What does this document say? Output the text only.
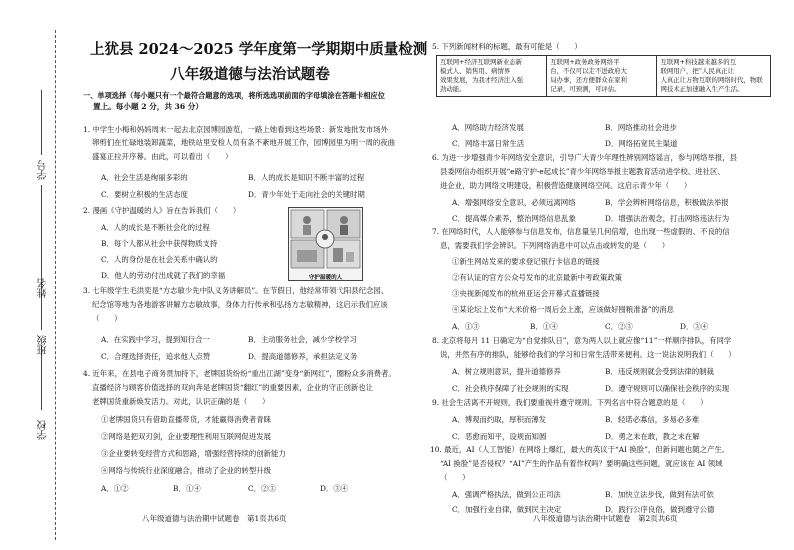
学校
班级
姓名
学号
上犹县 2024～2025 学年度第一学期期中质量检测
八年级道德与法治试题卷
一、单项选择（每小题只有一个最符合题意的选项，将所选选项前面的字母填涂在答题卡相应位
置上。每小题 2 分，共 36 分）
1. 中学生小梅和妈妈周末一起去北京园博园游览，一路上她看到这些场景：新发地批发市场外
卵剪们在忙碌地装卸蔬菜，地铁站里安检人员有条不紊地开展工作，园博园里为明一周的夜曲
盛宴正拉开序幕。由此，可以看出（　　）
A．社会生活是绚丽多彩的	B．人的成长是知识不断丰富的过程
C．要树立积极的生活态度	D．青少年处于走向社会的关键时期
2. 漫画《守护温暖的人》旨在告诉我们（　　）
A．人的成长是不断社会化的过程
B．每个人都从社会中获得物质支持
C．人的身份是在社会关系中确认的
D．他人的劳动付出成就了我们的幸福	守护温暖的人
3. 七年级学生毛洪奕是“方志敏少先中队义务讲解员”。在节假日，他经常带领弋阳县纪念园、
纪念馆等地为各地游客讲解方志敏故事，身体力行传承和弘扬方志敏精神，这启示我们应该
（　　）
A．在实践中学习，提到知行合一	B．主动服务社会，减少学校学习
C．合理选择责任，追求他人点赞	D．提高道德修养，承担法定义务
4. 近年来，在县电子商务贯加持下，老牌国货纷纷“重出江湖”变身“新网红”，圈粉众多消费者。
直播经济与顾客价值选择的双向奔是老牌国货“翻红”的重要因素，企业的守正创新也让
老牌国货重新焕发活力。对此，认识正确的是（　　）
①老牌国货只有借助直播带货，才能赢得消费者青睐
②网络是把双刃剑，企业要理性利用互联网促进发展
③企业要转变经营方式和思路，增强经营持续的创新能力
④网络与传统行业深度融合，推动了企业的转型升级
A．①②	B．①④	C．②③	D．③④
八年级道德与法治期中试题卷　第1页共6页
5. 下列新闻材料的标题，最有可能是（　　）
互联网+经济互联网新业态新
模式人、销售用、病情界
效果发展，为我才经济注入强
劲动能。

互联网+政务政务网络平
台，不仅可以走不进政府大
局办事，还方便群众在家利
记录，可预测，可评估。

互联网+科技越来越多的互
联网用户，把“人民真正让
人真正让万物互联的网络时代，物联
网技术正加速融入生产生活。
A．网络助力经济发展	B．网络推动社会进步
C．网络丰富日常生活	D．网络拓宽民主渠道
6. 为进一步增强青少年网络安全意识，引导广大青少年理性辨别网络谣言，参与网络举报，县
县委网信办组织开展“e路守护·e起成长”青少年网络举报主题教育活动进学校、进社区、
进企业，助力网络文明建设，积极营造健康网络空间。这启示青少年（　　）
A．增强网络安全意识，必须远离网络	B．学会辨析网络信息，积极做法举报
C．提高媒介素养，整治网络信息乱象	D．增强法治观念，打击网络违法行为
7. 在网络时代，人人能够参与信息发布，信息量呈几何倍增，也出现一些虚假的、不良的信
息，需要我们学会辨识。下列网络消息中可以点击或转发的是（　　）
①新生网站发来的要求登记银行卡信息的链接
②有认证的官方公众号发布的北京最新中考政策政策
③央视新闻发布的杭州亚运会开幕式直播链接
④某论坛上发布“大米价格一周后会上涨，应该做好囤粮准备”的消息
A．①③	B．①④	C．②③	D．③④
8. 北京将每月 11 日确定为“自觉排队日”，意为两人以上就应像“11”一样顺序排队，有同学
说，并然有序的排队，能够给我们的学习和日常生活带来便利。这一说法说明我们（　　）
A．树立规则意识，提升道德修养	B．违反规则就会受到法律的制裁
C．社会秩序保障了社会规则的实现	D．遵守规则可以确保社会秩序的实现
9. 社会生活离不开规则，我们要重视并遵守规则。下列名言中符合题意的是（　　）
A．博观而约取，厚积而薄发	B．轻诺必寡信，多易必多难
C．恶愈而知平，设规而知圆	D．勇之未在敢，教之未在解
10. 最近，AI（人工智能）在网络上爆红，最大的英议于“AI 换脸”，但新问题也随之产生。
“AI 换脸”是否侵权？“AI”产生的作品有着作权吗？要明确这些问题，就应该在 AI 领域
（　　）
A．强调严格执法，做到公正司法	B．加快立法步伐，做到有法可依
C．加强行业自律，做到民主决定	D．践行公序良俗，做到遵守公德
八年级道德与法治期中试题卷　第2页共6页
